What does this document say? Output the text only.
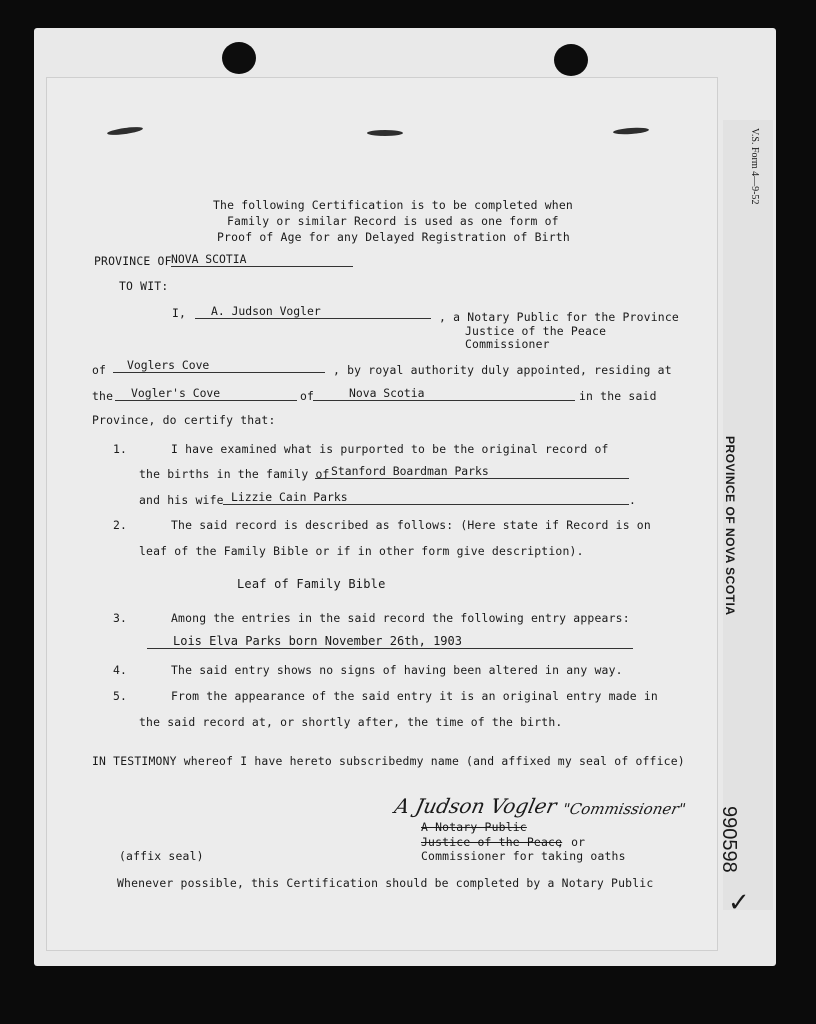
V.S. Form 4—9-52
PROVINCE OF NOVA SCOTIA
990598
✓
The following Certification is to be completed when
Family or similar Record is used as one form of
Proof of Age for any Delayed Registration of Birth
PROVINCE OF NOVA SCOTIA
TO WIT:
I,	A. Judson Vogler	, a Notary Public for the Province
Justice of the Peace
Commissioner
of	Voglers Cove	, by royal authority duly appointed, residing at
the	Vogler's Cove	of	Nova Scotia	in the said
Province, do certify that:
1.	I have examined what is purported to be the original record of
the births in the family of Stanford Boardman Parks
and his wife Lizzie Cain Parks	.
2.	The said record is described as follows: (Here state if Record is on
leaf of the Family Bible or if in other form give description).
Leaf of Family Bible
3.	Among the entries in the said record the following entry appears:
Lois Elva Parks born November 26th, 1903
4.	The said entry shows no signs of having been altered in any way.
5.	From the appearance of the said entry it is an original entry made in
the said record at, or shortly after, the time of the birth.
IN TESTIMONY whereof I have hereto subscribedmy name (and affixed my seal of office)
A Judson Vogler "Commissioner"
A Notary Public
Justice of the Peace
, or
Commissioner for taking oaths
(affix seal)
Whenever possible, this Certification should be completed by a Notary Public
